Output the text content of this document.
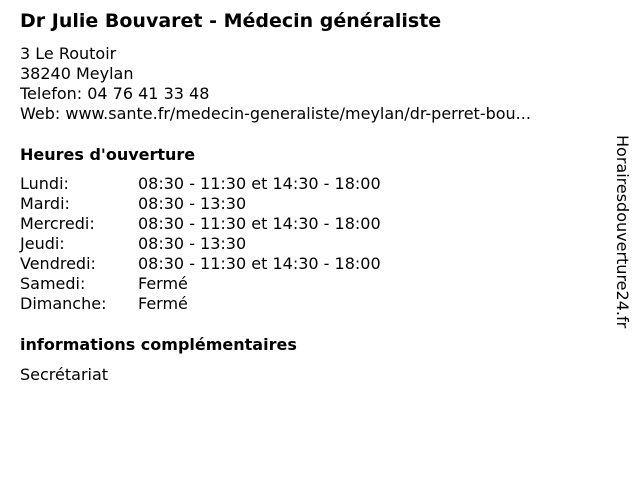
Dr Julie Bouvaret - Médecin généraliste
3 Le Routoir
38240 Meylan
Telefon: 04 76 41 33 48
Web: www.sante.fr/medecin-generaliste/meylan/dr-perret-bou...
Heures d'ouverture
Lundi:	08:30 - 11:30 et 14:30 - 18:00
Mardi:	08:30 - 13:30
Mercredi:	08:30 - 11:30 et 14:30 - 18:00
Jeudi:	08:30 - 13:30
Vendredi:	08:30 - 11:30 et 14:30 - 18:00
Samedi:	Fermé
Dimanche: Fermé
informations complémentaires
Secrétariat
Horairesdouverture24.fr
